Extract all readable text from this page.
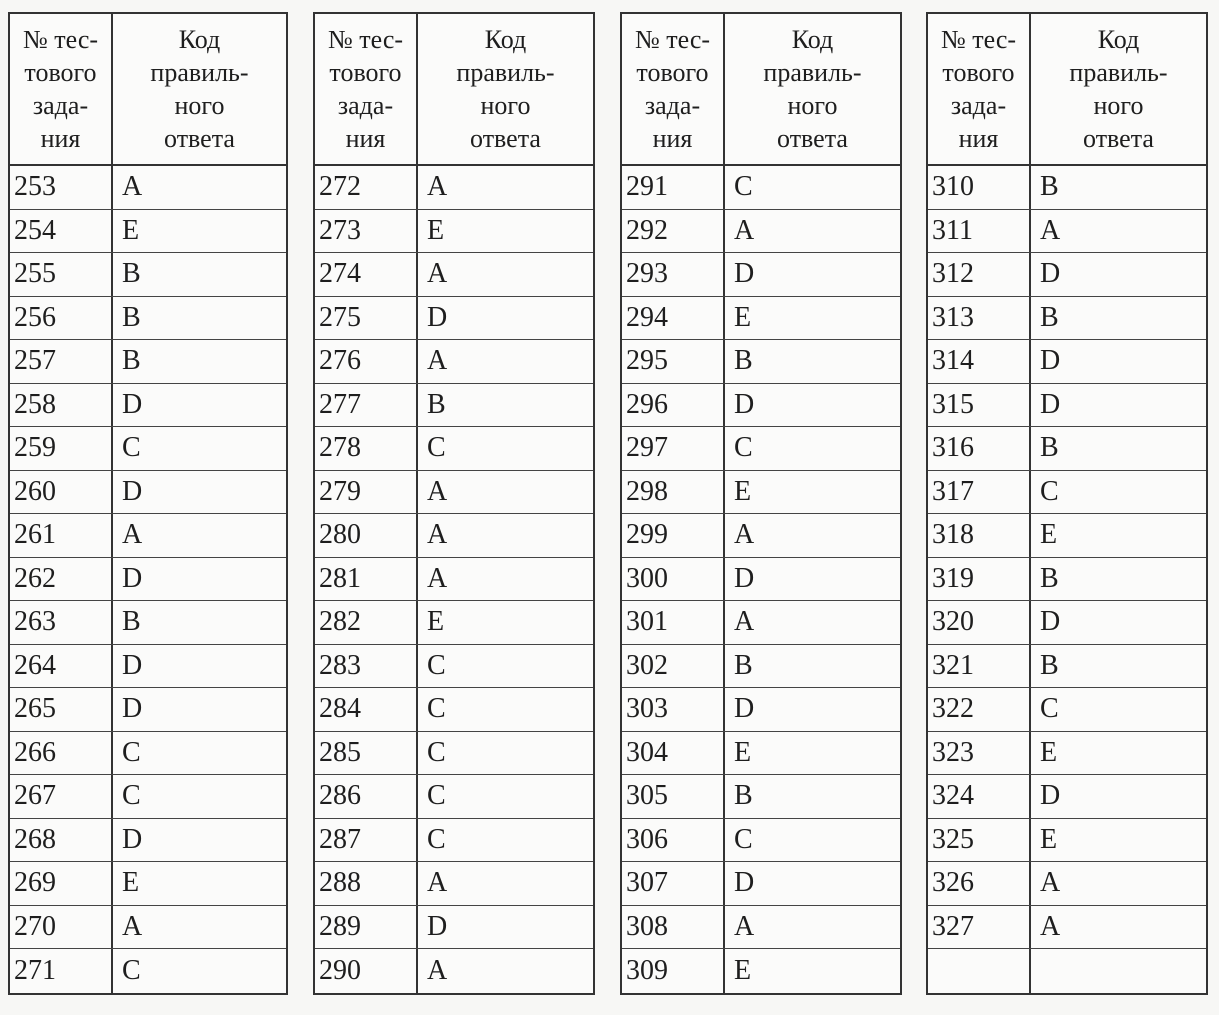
№ тес-
тового
зада-
ния
Код
правиль-
ного
ответа
253	A
254	E
255	B
256	B
257	B
258	D
259	C
260	D
261	A
262	D
263	B
264	D
265	D
266	C
267	C
268	D
269	E
270	A
271	C
№ тес-
тового
зада-
ния
Код
правиль-
ного
ответа
272	A
273	E
274	A
275	D
276	A
277	B
278	C
279	A
280	A
281	A
282	E
283	C
284	C
285	C
286	C
287	C
288	A
289	D
290	A
№ тес-
тового
зада-
ния
Код
правиль-
ного
ответа
291	C
292	A
293	D
294	E
295	B
296	D
297	C
298	E
299	A
300	D
301	A
302	B
303	D
304	E
305	B
306	C
307	D
308	A
309	E
№ тес-
тового
зада-
ния
Код
правиль-
ного
ответа
310	B
311	A
312	D
313	B
314	D
315	D
316	B
317	C
318	E
319	B
320	D
321	B
322	C
323	E
324	D
325	E
326	A
327	A
